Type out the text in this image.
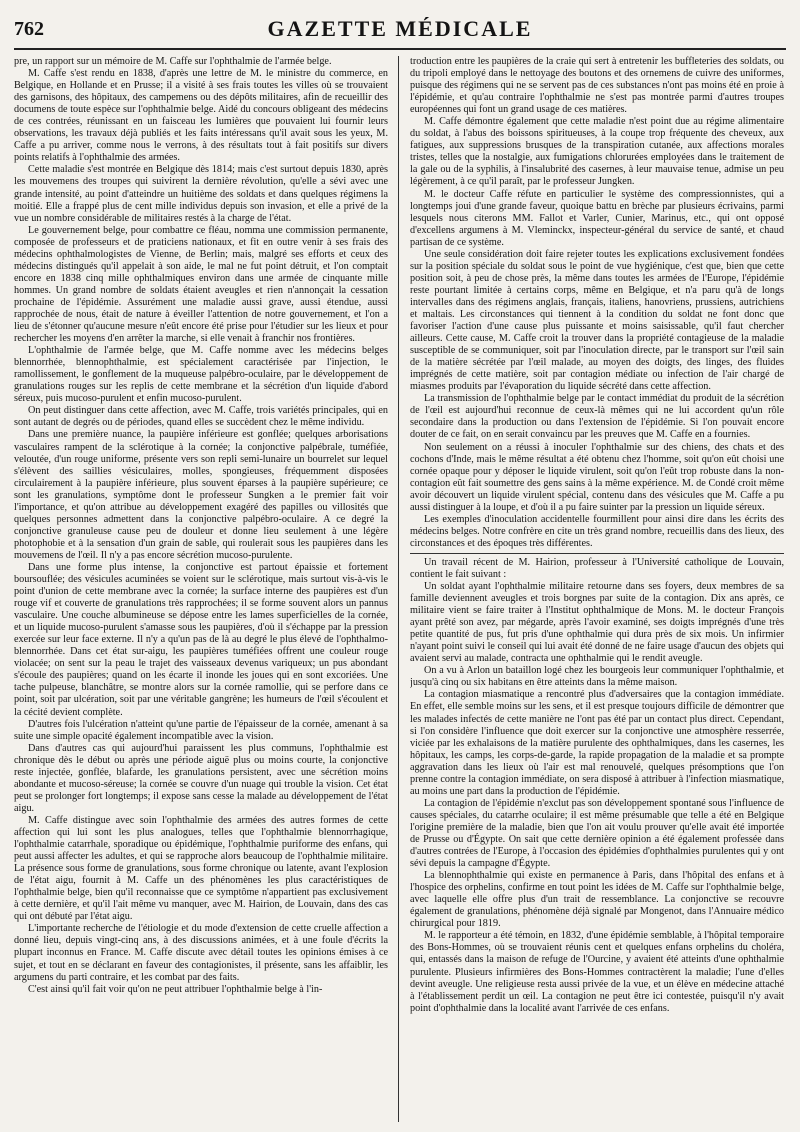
762	GAZETTE MÉDICALE

pre, un rapport sur un mémoire de M. Caffe sur l'ophthalmie de l'armée belge.

M. Caffe s'est rendu en 1838, d'après une lettre de M. le ministre du commerce, en Belgique, en Hollande et en Prusse; il a visité à ses frais toutes les villes où se trouvaient des garnisons, des hôpitaux, des campemens ou des dépôts militaires, afin de recueillir des documens de toute espèce sur l'ophthalmie belge. Aidé du concours obligeant des médecins de ces contrées, réunissant en un faisceau les lumières que pouvaient lui fournir leurs observations, les travaux déjà publiés et les faits intéressans qu'il avait sous les yeux, M. Caffe a pu arriver, comme nous le verrons, à des résultats tout à fait positifs sur divers points relatifs à l'ophthalmie des armées.

Cette maladie s'est montrée en Belgique dès 1814; mais c'est surtout depuis 1830, après les mouvemens des troupes qui suivirent la dernière révolution, qu'elle a sévi avec une grande intensité, au point d'atteindre un huitième des soldats et dans quelques régimens la moitié. Elle a frappé plus de cent mille individus depuis son invasion, et elle a privé de la vue un nombre considérable de militaires restés à la charge de l'état.

Le gouvernement belge, pour combattre ce fléau, nomma une commission permanente, composée de professeurs et de praticiens nationaux, et fit en outre venir à ses frais des médecins ophthalmologistes de Vienne, de Berlin; mais, malgré ses efforts et ceux des médecins distingués qu'il appelait à son aide, le mal ne fut point détruit, et l'on comptait encore en 1838 cinq mille ophthalmiques environ dans une armée de cinquante mille hommes. Un grand nombre de soldats étaient aveugles et rien n'annonçait la cessation prochaine de l'épidémie. Assurément une maladie aussi grave, aussi étendue, aussi rapprochée de nous, était de nature à éveiller l'attention de notre gouvernement, et l'on a lieu de s'étonner qu'aucune mesure n'eût encore été prise pour l'étudier sur les lieux et pour rechercher les moyens d'en arrêter la marche, si elle venait à franchir nos frontières.

L'ophthalmie de l'armée belge, que M. Caffe nomme avec les médecins belges blennorrhée, blennophthalmie, est spécialement caractérisée par l'injection, le ramollissement, le gonflement de la muqueuse palpébro-oculaire, par le développement de granulations rouges sur les replis de cette membrane et la sécrétion d'un liquide d'abord séreux, puis mucoso-purulent et enfin mucoso-purulent.

On peut distinguer dans cette affection, avec M. Caffe, trois variétés principales, qui en sont autant de degrés ou de périodes, quand elles se succèdent chez le même individu.

Dans une première nuance, la paupière inférieure est gonflée; quelques arborisations vasculaires rampent de la sclérotique à la cornée; la conjonctive palpébrale, tuméfiée, veloutée, d'un rouge uniforme, présente vers son repli semi-lunaire un bourrelet sur lequel s'élèvent des saillies vésiculaires, molles, spongieuses, fréquemment disposées circulairement à la paupière inférieure, plus souvent éparses à la paupière supérieure; ce sont les granulations, symptôme dont le professeur Sungken a le premier fait voir l'importance, et qu'on attribue au développement exagéré des papilles ou villosités que quelques personnes admettent dans la conjonctive palpébro-oculaire. A ce degré la conjonctive granuleuse cause peu de douleur et donne lieu seulement à une légère photophobie et à la sensation d'un grain de sable, qui roulerait sous les paupières dans les mouvemens de l'œil. Il n'y a pas encore sécrétion mucoso-purulente.

Dans une forme plus intense, la conjonctive est partout épaissie et fortement boursouflée; des vésicules acuminées se voient sur le sclérotique, mais surtout vis-à-vis le point d'union de cette membrane avec la cornée; la surface interne des paupières est d'un rouge vif et couverte de granulations très rapprochées; il se forme souvent alors un pannus vasculaire. Une couche albumineuse se dépose entre les lames superficielles de la cornée, et un liquide mucoso-purulent s'amasse sous les paupières, d'où il s'échappe par la pression exercée sur leur face externe. Il n'y a qu'un pas de là au degré le plus élevé de l'ophthalmo-blennorrhée. Dans cet état sur-aigu, les paupières tuméfiées offrent une couleur rouge violacée; on sent sur la peau le trajet des vaisseaux devenus variqueux; un pus abondant s'écoule des paupières; quand on les écarte il inonde les joues qui en sont excoriées. Une tache pulpeuse, blanchâtre, se montre alors sur la cornée ramollie, qui se perfore dans ce point, soit par ulcération, soit par une véritable gangrène; les humeurs de l'œil s'écoulent et la cécité devient complète.

D'autres fois l'ulcération n'atteint qu'une partie de l'épaisseur de la cornée, amenant à sa suite une simple opacité également incompatible avec la vision.

Dans d'autres cas qui aujourd'hui paraissent les plus communs, l'ophthalmie est chronique dès le début ou après une période aiguë plus ou moins courte, la conjonctive reste injectée, gonflée, blafarde, les granulations persistent, avec une sécrétion moins abondante et mucoso-séreuse; la cornée se couvre d'un nuage qui trouble la vision. Cet état peut se prolonger fort longtemps; il expose sans cesse la malade au développement de l'état aigu.

M. Caffe distingue avec soin l'ophthalmie des armées des autres formes de cette affection qui lui sont les plus analogues, telles que l'ophthalmie blennorrhagique, l'ophthalmie catarrhale, sporadique ou épidémique, l'ophthalmie puriforme des enfans, qui peut aussi affecter les adultes, et qui se rapproche alors beaucoup de l'ophthalmie militaire. La présence sous forme de granulations, sous forme chronique ou latente, avant l'explosion de l'état aigu, fournit à M. Caffe un des phénomènes les plus caractéristiques de l'ophthalmie belge, bien qu'il reconnaisse que ce symptôme n'appartient pas exclusivement à cette dernière, et qu'il l'ait même vu manquer, avec M. Hairion, de Louvain, dans des cas qui ont débuté par l'état aigu.

L'importante recherche de l'étiologie et du mode d'extension de cette cruelle affection a donné lieu, depuis vingt-cinq ans, à des discussions animées, et à une foule d'écrits la plupart inconnus en France. M. Caffe discute avec détail toutes les opinions émises à ce sujet, et tout en se déclarant en faveur des contagionistes, il présente, sans les affaiblir, les argumens du parti contraire, et les combat par des faits.

C'est ainsi qu'il fait voir qu'on ne peut attribuer l'ophthalmie belge à l'in-

troduction entre les paupières de la craie qui sert à entretenir les buffleteries des soldats, ou du tripoli employé dans le nettoyage des boutons et des ornemens de cuivre des uniformes, puisque des régimens qui ne se servent pas de ces substances n'ont pas moins été en proie à l'épidémie, et qu'au contraire l'ophthalmie ne s'est pas montrée parmi d'autres troupes européennes qui font un grand usage de ces matières.

M. Caffe démontre également que cette maladie n'est point due au régime alimentaire du soldat, à l'abus des boissons spiritueuses, à la coupe trop fréquente des cheveux, aux fatigues, aux suppressions brusques de la transpiration cutanée, aux affections morales tristes, telles que la nostalgie, aux fumigations chlorurées employées dans le traitement de la gale ou de la syphilis, à l'insalubrité des casernes, à leur mauvaise tenue, admise un peu légèrement, à ce qu'il paraît, par le professeur Jungken.

M. le docteur Caffe réfute en particulier le système des compressionnistes, qui a longtemps joui d'une grande faveur, quoique battu en brèche par plusieurs écrivains, parmi lesquels nous citerons MM. Fallot et Varler, Cunier, Marinus, etc., qui ont opposé d'excellens argumens à M. Vleminckx, inspecteur-général du service de santé, et chaud partisan de ce système.

Une seule considération doit faire rejeter toutes les explications exclusivement fondées sur la position spéciale du soldat sous le point de vue hygiénique, c'est que, bien que cette position soit, à peu de chose près, la même dans toutes les armées de l'Europe, l'épidémie reste pourtant limitée à certains corps, même en Belgique, et n'a paru qu'à de longs intervalles dans des régimens anglais, français, italiens, hanovriens, prussiens, autrichiens et maltais. Les circonstances qui tiennent à la condition du soldat ne font donc que favoriser l'action d'une cause plus puissante et moins saisissable, qu'il faut chercher ailleurs. Cette cause, M. Caffe croit la trouver dans la propriété contagieuse de la maladie susceptible de se communiquer, soit par l'inoculation directe, par le transport sur l'œil sain de la matière sécrétée par l'œil malade, au moyen des doigts, des linges, des fluides imprégnés de cette matière, soit par contagion médiate ou infection de l'air chargé de miasmes produits par l'évaporation du liquide sécrété dans cette affection.

La transmission de l'ophthalmie belge par le contact immédiat du produit de la sécrétion de l'œil est aujourd'hui reconnue de ceux-là mêmes qui ne lui accordent qu'un rôle secondaire dans la production ou dans l'extension de l'épidémie. Si l'on pouvait encore douter de ce fait, on en serait convaincu par les preuves que M. Caffe en a fournies.

Non seulement on a réussi à inoculer l'ophthalmie sur des chiens, des chats et des cochons d'Inde, mais le même résultat a été obtenu chez l'homme, soit qu'on eût choisi une cornée opaque pour y déposer le liquide virulent, soit qu'on l'eût trop robuste dans la non-contagion eût fait soumettre des gens sains à la même expérience. M. de Condé croit même avoir découvert un liquide virulent spécial, contenu dans des vésicules que M. Caffe a pu aussi distinguer à la loupe, et d'où il a pu faire suinter par la pression un liquide séreux.

Les exemples d'inoculation accidentelle fourmillent pour ainsi dire dans les écrits des médecins belges. Notre confrère en cite un très grand nombre, recueillis dans des lieux, des circonstances et des époques très différentes.

Un travail récent de M. Hairion, professeur à l'Université catholique de Louvain, contient le fait suivant :

Un soldat ayant l'ophthalmie militaire retourne dans ses foyers, deux membres de sa famille deviennent aveugles et trois borgnes par suite de la contagion. Dix ans après, ce militaire vient se faire traiter à l'Institut ophthalmique de Mons. M. le docteur François ayant prêté son avez, par mégarde, après l'avoir examiné, ses doigts imprégnés d'une très petite quantité de pus, fut pris d'une ophthalmie qui dura près de six mois. Un infirmier n'ayant point suivi le conseil qui lui avait été donné de ne faire usage d'aucun des objets qui avaient servi au malade, contracta une ophthalmie qui le rendit aveugle.

On a vu à Arlon un bataillon logé chez les bourgeois leur communiquer l'ophthalmie, et jusqu'à cinq ou six habitans en être atteints dans la même maison.

La contagion miasmatique a rencontré plus d'adversaires que la contagion immédiate. En effet, elle semble moins sur les sens, et il est presque toujours difficile de démontrer que les malades infectés de cette manière ne l'ont pas été par un contact plus direct. Cependant, si l'on considère l'influence que doit exercer sur la conjonctive une atmosphère resserrée, viciée par les exhalaisons de la matière purulente des ophthalmiques, dans les casernes, les hôpitaux, les camps, les corps-de-garde, la rapide propagation de la maladie et sa prompte aggravation dans les lieux où l'air est mal renouvelé, quelques présomptions que l'on prenne contre la contagion immédiate, on sera disposé à attribuer à l'infection miasmatique, au moins une part dans la production de l'épidémie.

La contagion de l'épidémie n'exclut pas son développement spontané sous l'influence de causes spéciales, du catarrhe oculaire; il est même présumable que telle a été en Belgique l'origine première de la maladie, bien que l'on ait voulu prouver qu'elle avait été importée de Prusse ou d'Égypte. On sait que cette dernière opinion a été également professée dans d'autres contrées de l'Europe, à l'occasion des épidémies d'ophthalmies purulentes qui y ont sévi depuis la campagne d'Égypte.

La blennophthalmie qui existe en permanence à Paris, dans l'hôpital des enfans et à l'hospice des orphelins, confirme en tout point les idées de M. Caffe sur l'ophthalmie belge, avec laquelle elle offre plus d'un trait de ressemblance. La conjonctive se recouvre également de granulations, phénomène déjà signalé par Mongenot, dans l'Annuaire médico chirurgical pour 1819.

M. le rapporteur a été témoin, en 1832, d'une épidémie semblable, à l'hôpital temporaire des Bons-Hommes, où se trouvaient réunis cent et quelques enfans orphelins du choléra, qui, entassés dans la maison de refuge de l'Ourcine, y avaient été atteints d'une ophthalmie purulente. Plusieurs infirmières des Bons-Hommes contractèrent la maladie; l'une d'elles devint aveugle. Une religieuse resta aussi privée de la vue, et un élève en médecine attaché à l'établissement perdit un œil. La contagion ne peut être ici contestée, puisqu'il n'y avait point d'ophthalmie dans la localité avant l'arrivée de ces enfans.
